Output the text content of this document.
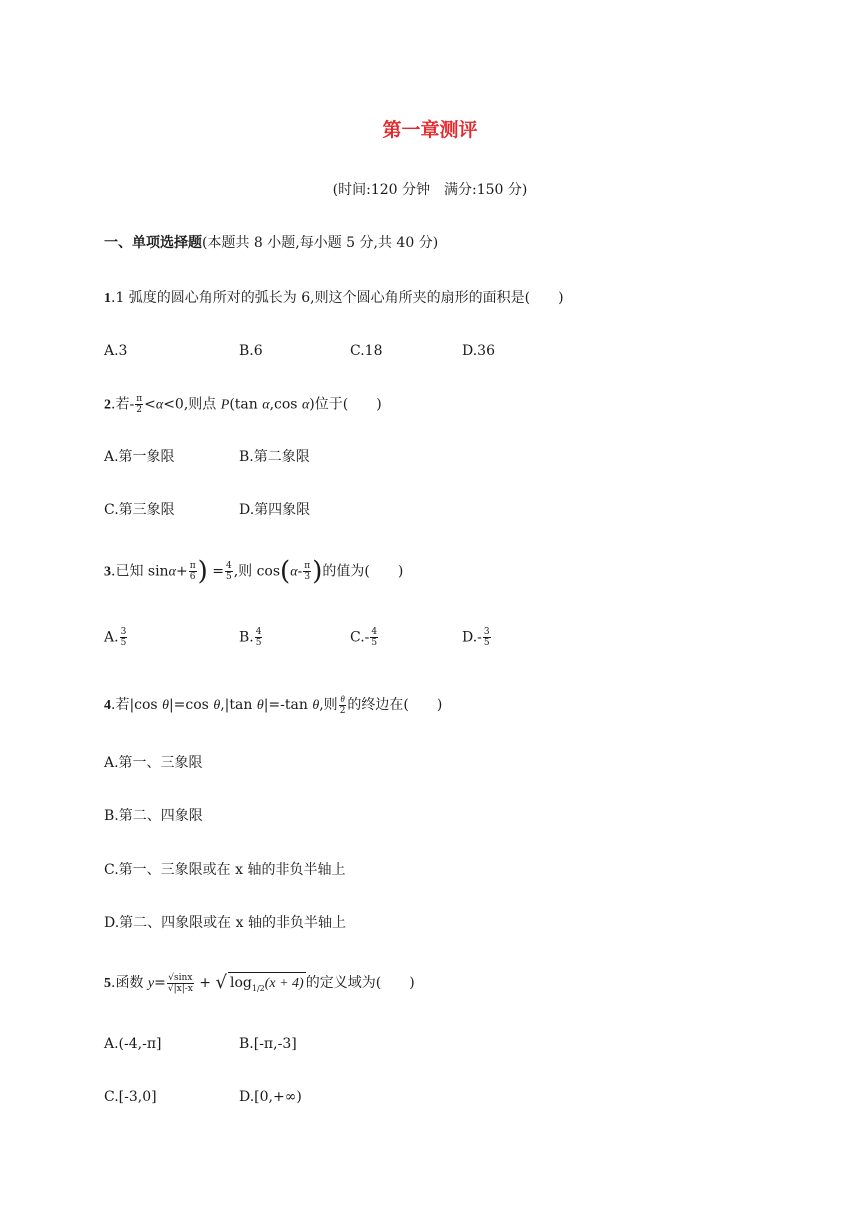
第一章测评
(时间:120 分钟　满分:150 分)
一、单项选择题(本题共 8 小题,每小题 5 分,共 40 分)
1.1 弧度的圆心角所对的弧长为 6,则这个圆心角所夹的扇形的面积是(　　)
A.3	B.6	C.18	D.36
2.若- $\frac{\pi}{2} <\alpha<0$,则点 P(tan α,cos α)位于(　　)
A.第一象限	B.第二象限
C.第三象限	D.第四象限
3.已知 $\sin\alpha+ \frac{\pi}{6}$ ) = $\frac{4}{5}$ ,则 $\cos(\alpha- \frac{\pi}{3}$ )的值为(　　)
A. $\frac{3}{5}$	B. $\frac{4}{5}$	$C.- \frac{4}{5}$	$D.- \frac{3}{5}$
4.若|cos θ|=cos θ,|tan θ|=-tan θ,则 $\frac{\theta}{2}$ 的终边在(　　)
A.第一、三象限
B.第二、四象限
C.第一、三象限或在 x 轴的非负半轴上
D.第二、四象限或在 x 轴的非负半轴上
5.函数 $y= \frac{√\sin x}{√|x|-x}$ + √ $\log_{1/2}(x + 4)$ 的定义域为(　　)
A.(-4,-π]	B.[-π,-3]
C.[-3,0]	D.[0,+∞)
